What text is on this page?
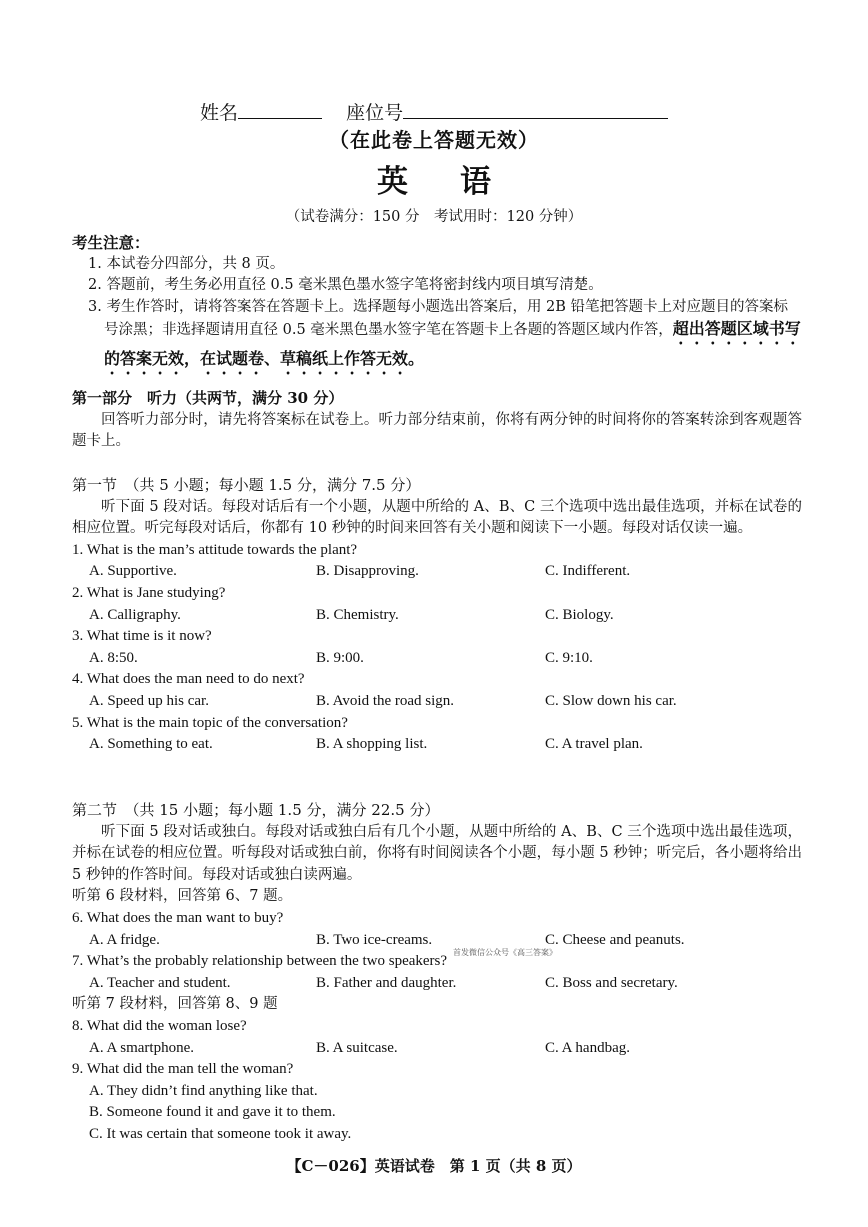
姓名	座位号
（在此卷上答题无效）
英语
（试卷满分：150 分　考试用时：120 分钟）
考生注意：
1. 本试卷分四部分，共 8 页。
2. 答题前，考生务必用直径 0.5 毫米黑色墨水签字笔将密封线内项目填写清楚。
3. 考生作答时，请将答案答在答题卡上。选择题每小题选出答案后，用 2B 铅笔把答题卡上对应题目的答案标号涂黑；非选择题请用直径 0.5 毫米黑色墨水签字笔在答题卡上各题的答题区域内作答，超出答题区域书写的答案无效，在试题卷、草稿纸上作答无效。
第一部分　听力（共两节，满分 30 分）
回答听力部分时，请先将答案标在试卷上。听力部分结束前，你将有两分钟的时间将你的答案转涂到客观题答题卡上。
第一节　（共 5 小题；每小题 1.5 分，满分 7.5 分）
听下面 5 段对话。每段对话后有一个小题，从题中所给的 A、B、C 三个选项中选出最佳选项，并标在试卷的相应位置。听完每段对话后，你都有 10 秒钟的时间来回答有关小题和阅读下一小题。每段对话仅读一遍。
1. What is the man’s attitude towards the plant?
A. Supportive.	B. Disapproving.	C. Indifferent.
2. What is Jane studying?
A. Calligraphy.	B. Chemistry.	C. Biology.
3. What time is it now?
A. 8:50.	B. 9:00.	C. 9:10.
4. What does the man need to do next?
A. Speed up his car.	B. Avoid the road sign.	C. Slow down his car.
5. What is the main topic of the conversation?
A. Something to eat.	B. A shopping list.	C. A travel plan.
第二节　（共 15 小题；每小题 1.5 分，满分 22.5 分）
听下面 5 段对话或独白。每段对话或独白后有几个小题，从题中所给的 A、B、C 三个选项中选出最佳选项，并标在试卷的相应位置。听每段对话或独白前，你将有时间阅读各个小题，每小题 5 秒钟；听完后，各小题将给出 5 秒钟的作答时间。每段对话或独白读两遍。
听第 6 段材料，回答第 6、7 题。
6. What does the man want to buy?
A. A fridge.	B. Two ice-creams.	C. Cheese and peanuts.
7. What’s the probably relationship between the two speakers?
A. Teacher and student.	B. Father and daughter.	C. Boss and secretary.
听第 7 段材料，回答第 8、9 题
8. What did the woman lose?
A. A smartphone.	B. A suitcase.	C. A handbag.
9. What did the man tell the woman?
A. They didn’t find anything like that.
B. Someone found it and gave it to them.
C. It was certain that someone took it away.
首发微信公众号《高三答案》
【C－026】英语试卷　第 1 页（共 8 页）
